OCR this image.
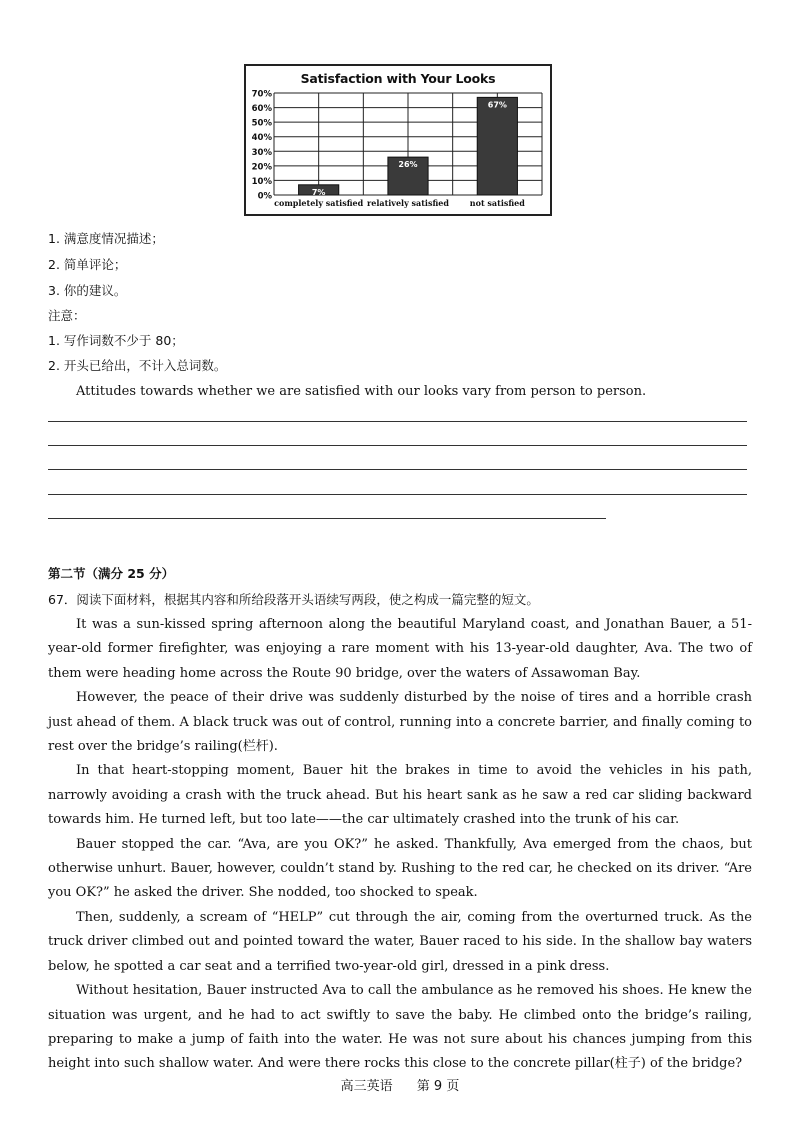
Satisfaction with Your Looks
0%
10%
20%
30%
40%
50%
60%
70%
7%
completely satisfied
26%
relatively satisfied
67%
not satisfied
1. 满意度情况描述；
2. 简单评论；
3. 你的建议。
注意：
1. 写作词数不少于 80；
2. 开头已给出，不计入总词数。
Attitudes towards whether we are satisfied with our looks vary from person to person.
第二节（满分 25 分）
67．阅读下面材料，根据其内容和所给段落开头语续写两段，使之构成一篇完整的短文。
It was a sun-kissed spring afternoon along the beautiful Maryland coast, and Jonathan Bauer, a 51-year-old former firefighter, was enjoying a rare moment with his 13-year-old daughter, Ava. The two of them were heading home across the Route 90 bridge, over the waters of Assawoman Bay.
However, the peace of their drive was suddenly disturbed by the noise of tires and a horrible crash just ahead of them. A black truck was out of control, running into a concrete barrier, and finally coming to rest over the bridge’s railing(栏杆).
In that heart-stopping moment, Bauer hit the brakes in time to avoid the vehicles in his path, narrowly avoiding a crash with the truck ahead. But his heart sank as he saw a red car sliding backward towards him. He turned left, but too late——the car ultimately crashed into the trunk of his car.
Bauer stopped the car. “Ava, are you OK?” he asked. Thankfully, Ava emerged from the chaos, but otherwise unhurt. Bauer, however, couldn’t stand by. Rushing to the red car, he checked on its driver. “Are you OK?” he asked the driver. She nodded, too shocked to speak.
Then, suddenly, a scream of “HELP” cut through the air, coming from the overturned truck. As the truck driver climbed out and pointed toward the water, Bauer raced to his side. In the shallow bay waters below, he spotted a car seat and a terrified two-year-old girl, dressed in a pink dress.
Without hesitation, Bauer instructed Ava to call the ambulance as he removed his shoes. He knew the situation was urgent, and he had to act swiftly to save the baby. He climbed onto the bridge’s railing, preparing to make a jump of faith into the water. He was not sure about his chances jumping from this height into such shallow water. And were there rocks this close to the concrete pillar(柱子) of the bridge?
高三英语 第 9 页
